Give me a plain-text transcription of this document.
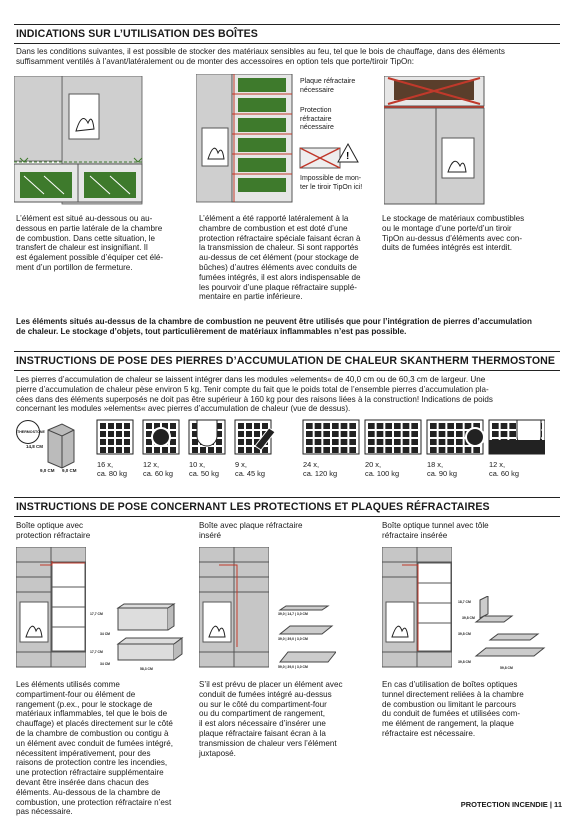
INDICATIONS SUR L’UTILISATION DES BOÎTES
Dans les conditions suivantes, il est possible de stocker des matériaux sensibles au feu, tel que le bois de chauffage, dans des éléments
suffisamment ventilés à l’avant/latéralement ou de monter des accessoires en option tels que porte/tiroir TipOn:
Plaque réfractaire
nécessaire
Protection
réfractaire
nécessaire
!
Impossible de mon-
ter le tiroir TipOn ici!
L’élément est situé au-dessous ou au-
dessous en partie latérale de la chambre
de combustion. Dans cette situation, le
transfert de chaleur est insignifiant. Il
est également possible d’équiper cet élé-
ment d’un portillon de fermeture.
L’élément a été rapporté latéralement à la
chambre de combustion et est doté d’une
protection réfractaire spéciale faisant écran à
la transmission de chaleur. Si sont rapportés
au-dessus de cet élément (pour stockage de
bûches) d’autres éléments avec conduits de
fumées intégrés, il est alors indispensable de
les pourvoir d’une plaque réfractaire supplé-
mentaire en partie inférieure.
Le stockage de matériaux combustibles
ou le montage d’une porte/d’un tiroir
TipOn au-dessus d’éléments avec con-
duits de fumées intégrés est interdit.
Les éléments situés au-dessus de la chambre de combustion ne peuvent être utilisés que pour l’intégration de pierres d’accumulation
de chaleur. Le stockage d’objets, tout particulièrement de matériaux inflammables n’est pas possible.
INSTRUCTIONS DE POSE DES PIERRES D’ACCUMULATION DE CHALEUR SKANTHERM THERMOSTONE
Les pierres d’accumulation de chaleur se laissent intégrer dans les modules »elements« de 40,0 cm ou de 60,3 cm de largeur. Une
pierre d’accumulation de chaleur pèse environ 5 kg. Tenir compte du fait que le poids total de l’ensemble pierres d’accumulation pla-
cées dans des éléments superposés ne doit pas être supérieur à 160 kg pour des raisons liées à la construction! Indications de poids
concernant les modules »elements« avec pierres d’accumulation de chaleur (vue de dessus).
THERMOSTONE
14,8 CM
9,0 CM 9,0 CM
16 x,
ca. 80 kg
12 x,
ca. 60 kg
10 x,
ca. 50 kg
9 x,
ca. 45 kg
24 x,
ca. 120 kg
20 x,
ca. 100 kg
18 x,
ca. 90 kg
12 x,
ca. 60 kg
INSTRUCTIONS DE POSE CONCERNANT LES PROTECTIONS ET PLAQUES RÉFRACTAIRES
Boîte optique avec
protection réfractaire
Boîte avec plaque réfractaire
inséré
Boîte optique tunnel avec tôle
réfractaire insérée
17,7 CM
34 CM
17,7 CM
34 CM
58,3 CM
39,0 | 14,7 | 3,0 CM
39,0 | 39,0 | 3,0 CM
59,0 | 39,0 | 3,0 CM
18,7 CM
39,8 CM
39,8 CM
39,8 CM
59,8 CM
Les éléments utilisés comme
compartiment-four ou élément de
rangement (p.ex., pour le stockage de
matériaux inflammables, tel que le bois de
chauffage) et placés directement sur le côté
de la chambre de combustion ou contigu à
un élément avec conduit de fumées intégré,
nécessitent impérativement, pour des
raisons de protection contre les incendies,
une protection réfractaire supplémentaire
devant être insérée dans chacun des
éléments. Au-dessous de la chambre de
combustion, une protection réfractaire n’est
pas nécessaire.
S’il est prévu de placer un élément avec
conduit de fumées intégré au-dessus
ou sur le côté du compartiment-four
ou du compartiment de rangement,
il est alors nécessaire d’insérer une
plaque réfractaire faisant écran à la
transmission de chaleur vers l’élément
juxtaposé.
En cas d’utilisation de boîtes optiques
tunnel directement reliées à la chambre
de combustion ou limitant le parcours
du conduit de fumées et utilisées com-
me élément de rangement, la plaque
réfractaire est nécessaire.
PROTECTION INCENDIE | 11
